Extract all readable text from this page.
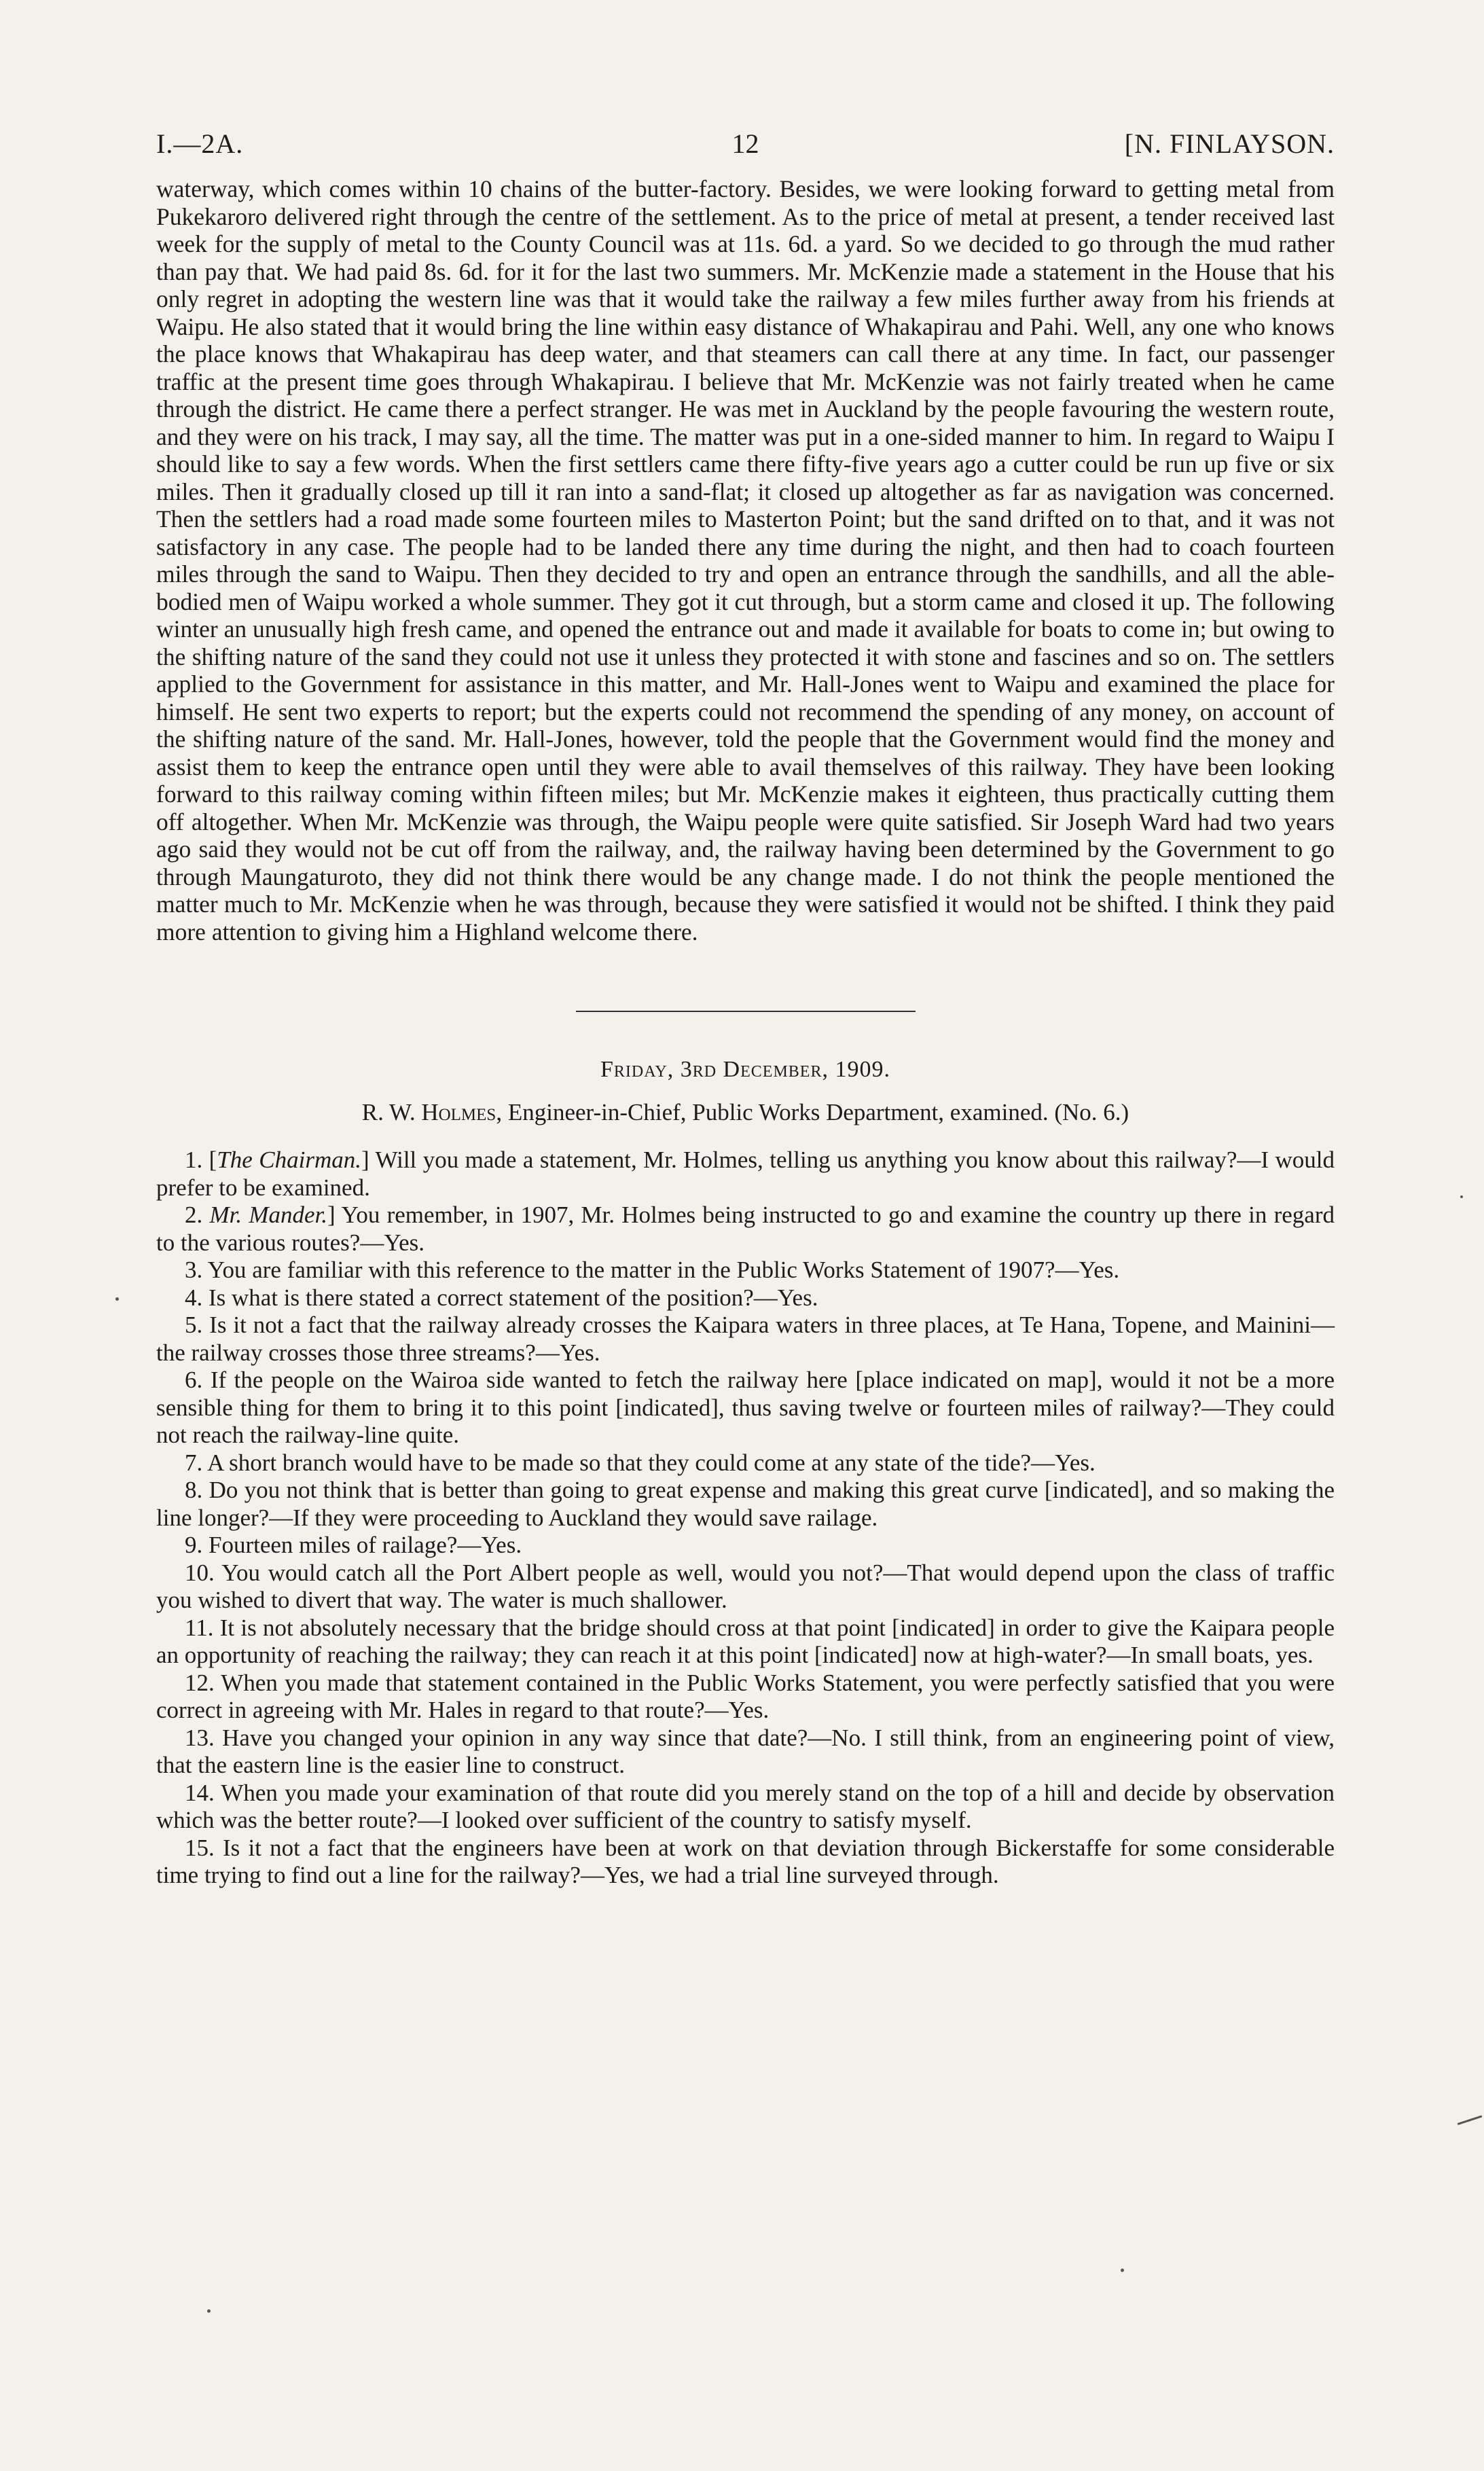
I.—2A.	12	[N. FINLAYSON.

waterway, which comes within 10 chains of the butter-factory. Besides, we were looking forward to getting metal from Pukekaroro delivered right through the centre of the settlement. As to the price of metal at present, a tender received last week for the supply of metal to the County Council was at 11s. 6d. a yard. So we decided to go through the mud rather than pay that. We had paid 8s. 6d. for it for the last two summers. Mr. McKenzie made a statement in the House that his only regret in adopting the western line was that it would take the railway a few miles further away from his friends at Waipu. He also stated that it would bring the line within easy distance of Whakapirau and Pahi. Well, any one who knows the place knows that Whakapirau has deep water, and that steamers can call there at any time. In fact, our passenger traffic at the present time goes through Whakapirau. I believe that Mr. McKenzie was not fairly treated when he came through the district. He came there a perfect stranger. He was met in Auckland by the people favouring the western route, and they were on his track, I may say, all the time. The matter was put in a one-sided manner to him. In regard to Waipu I should like to say a few words. When the first settlers came there fifty-five years ago a cutter could be run up five or six miles. Then it gradually closed up till it ran into a sand-flat; it closed up altogether as far as navigation was concerned. Then the settlers had a road made some fourteen miles to Masterton Point; but the sand drifted on to that, and it was not satisfactory in any case. The people had to be landed there any time during the night, and then had to coach fourteen miles through the sand to Waipu. Then they decided to try and open an entrance through the sandhills, and all the able-bodied men of Waipu worked a whole summer. They got it cut through, but a storm came and closed it up. The following winter an unusually high fresh came, and opened the entrance out and made it available for boats to come in; but owing to the shifting nature of the sand they could not use it unless they protected it with stone and fascines and so on. The settlers applied to the Government for assistance in this matter, and Mr. Hall-Jones went to Waipu and examined the place for himself. He sent two experts to report; but the experts could not recommend the spending of any money, on account of the shifting nature of the sand. Mr. Hall-Jones, however, told the people that the Government would find the money and assist them to keep the entrance open until they were able to avail themselves of this railway. They have been looking forward to this railway coming within fifteen miles; but Mr. McKenzie makes it eighteen, thus practically cutting them off altogether. When Mr. McKenzie was through, the Waipu people were quite satisfied. Sir Joseph Ward had two years ago said they would not be cut off from the railway, and, the railway having been determined by the Government to go through Maungaturoto, they did not think there would be any change made. I do not think the people mentioned the matter much to Mr. McKenzie when he was through, because they were satisfied it would not be shifted. I think they paid more attention to giving him a Highland welcome there.

Friday, 3rd December, 1909.
R. W. Holmes, Engineer-in-Chief, Public Works Department, examined. (No. 6.)

1. [The Chairman.] Will you made a statement, Mr. Holmes, telling us anything you know about this railway?—I would prefer to be examined.

2. Mr. Mander.] You remember, in 1907, Mr. Holmes being instructed to go and examine the country up there in regard to the various routes?—Yes.

3. You are familiar with this reference to the matter in the Public Works Statement of 1907?—Yes.

4. Is what is there stated a correct statement of the position?—Yes.

5. Is it not a fact that the railway already crosses the Kaipara waters in three places, at Te Hana, Topene, and Mainini—the railway crosses those three streams?—Yes.

6. If the people on the Wairoa side wanted to fetch the railway here [place indicated on map], would it not be a more sensible thing for them to bring it to this point [indicated], thus saving twelve or fourteen miles of railway?—They could not reach the railway-line quite.

7. A short branch would have to be made so that they could come at any state of the tide?—Yes.

8. Do you not think that is better than going to great expense and making this great curve [indicated], and so making the line longer?—If they were proceeding to Auckland they would save railage.

9. Fourteen miles of railage?—Yes.

10. You would catch all the Port Albert people as well, would you not?—That would depend upon the class of traffic you wished to divert that way. The water is much shallower.

11. It is not absolutely necessary that the bridge should cross at that point [indicated] in order to give the Kaipara people an opportunity of reaching the railway; they can reach it at this point [indicated] now at high-water?—In small boats, yes.

12. When you made that statement contained in the Public Works Statement, you were perfectly satisfied that you were correct in agreeing with Mr. Hales in regard to that route?—Yes.

13. Have you changed your opinion in any way since that date?—No. I still think, from an engineering point of view, that the eastern line is the easier line to construct.

14. When you made your examination of that route did you merely stand on the top of a hill and decide by observation which was the better route?—I looked over sufficient of the country to satisfy myself.

15. Is it not a fact that the engineers have been at work on that deviation through Bickerstaffe for some considerable time trying to find out a line for the railway?—Yes, we had a trial line surveyed through.
